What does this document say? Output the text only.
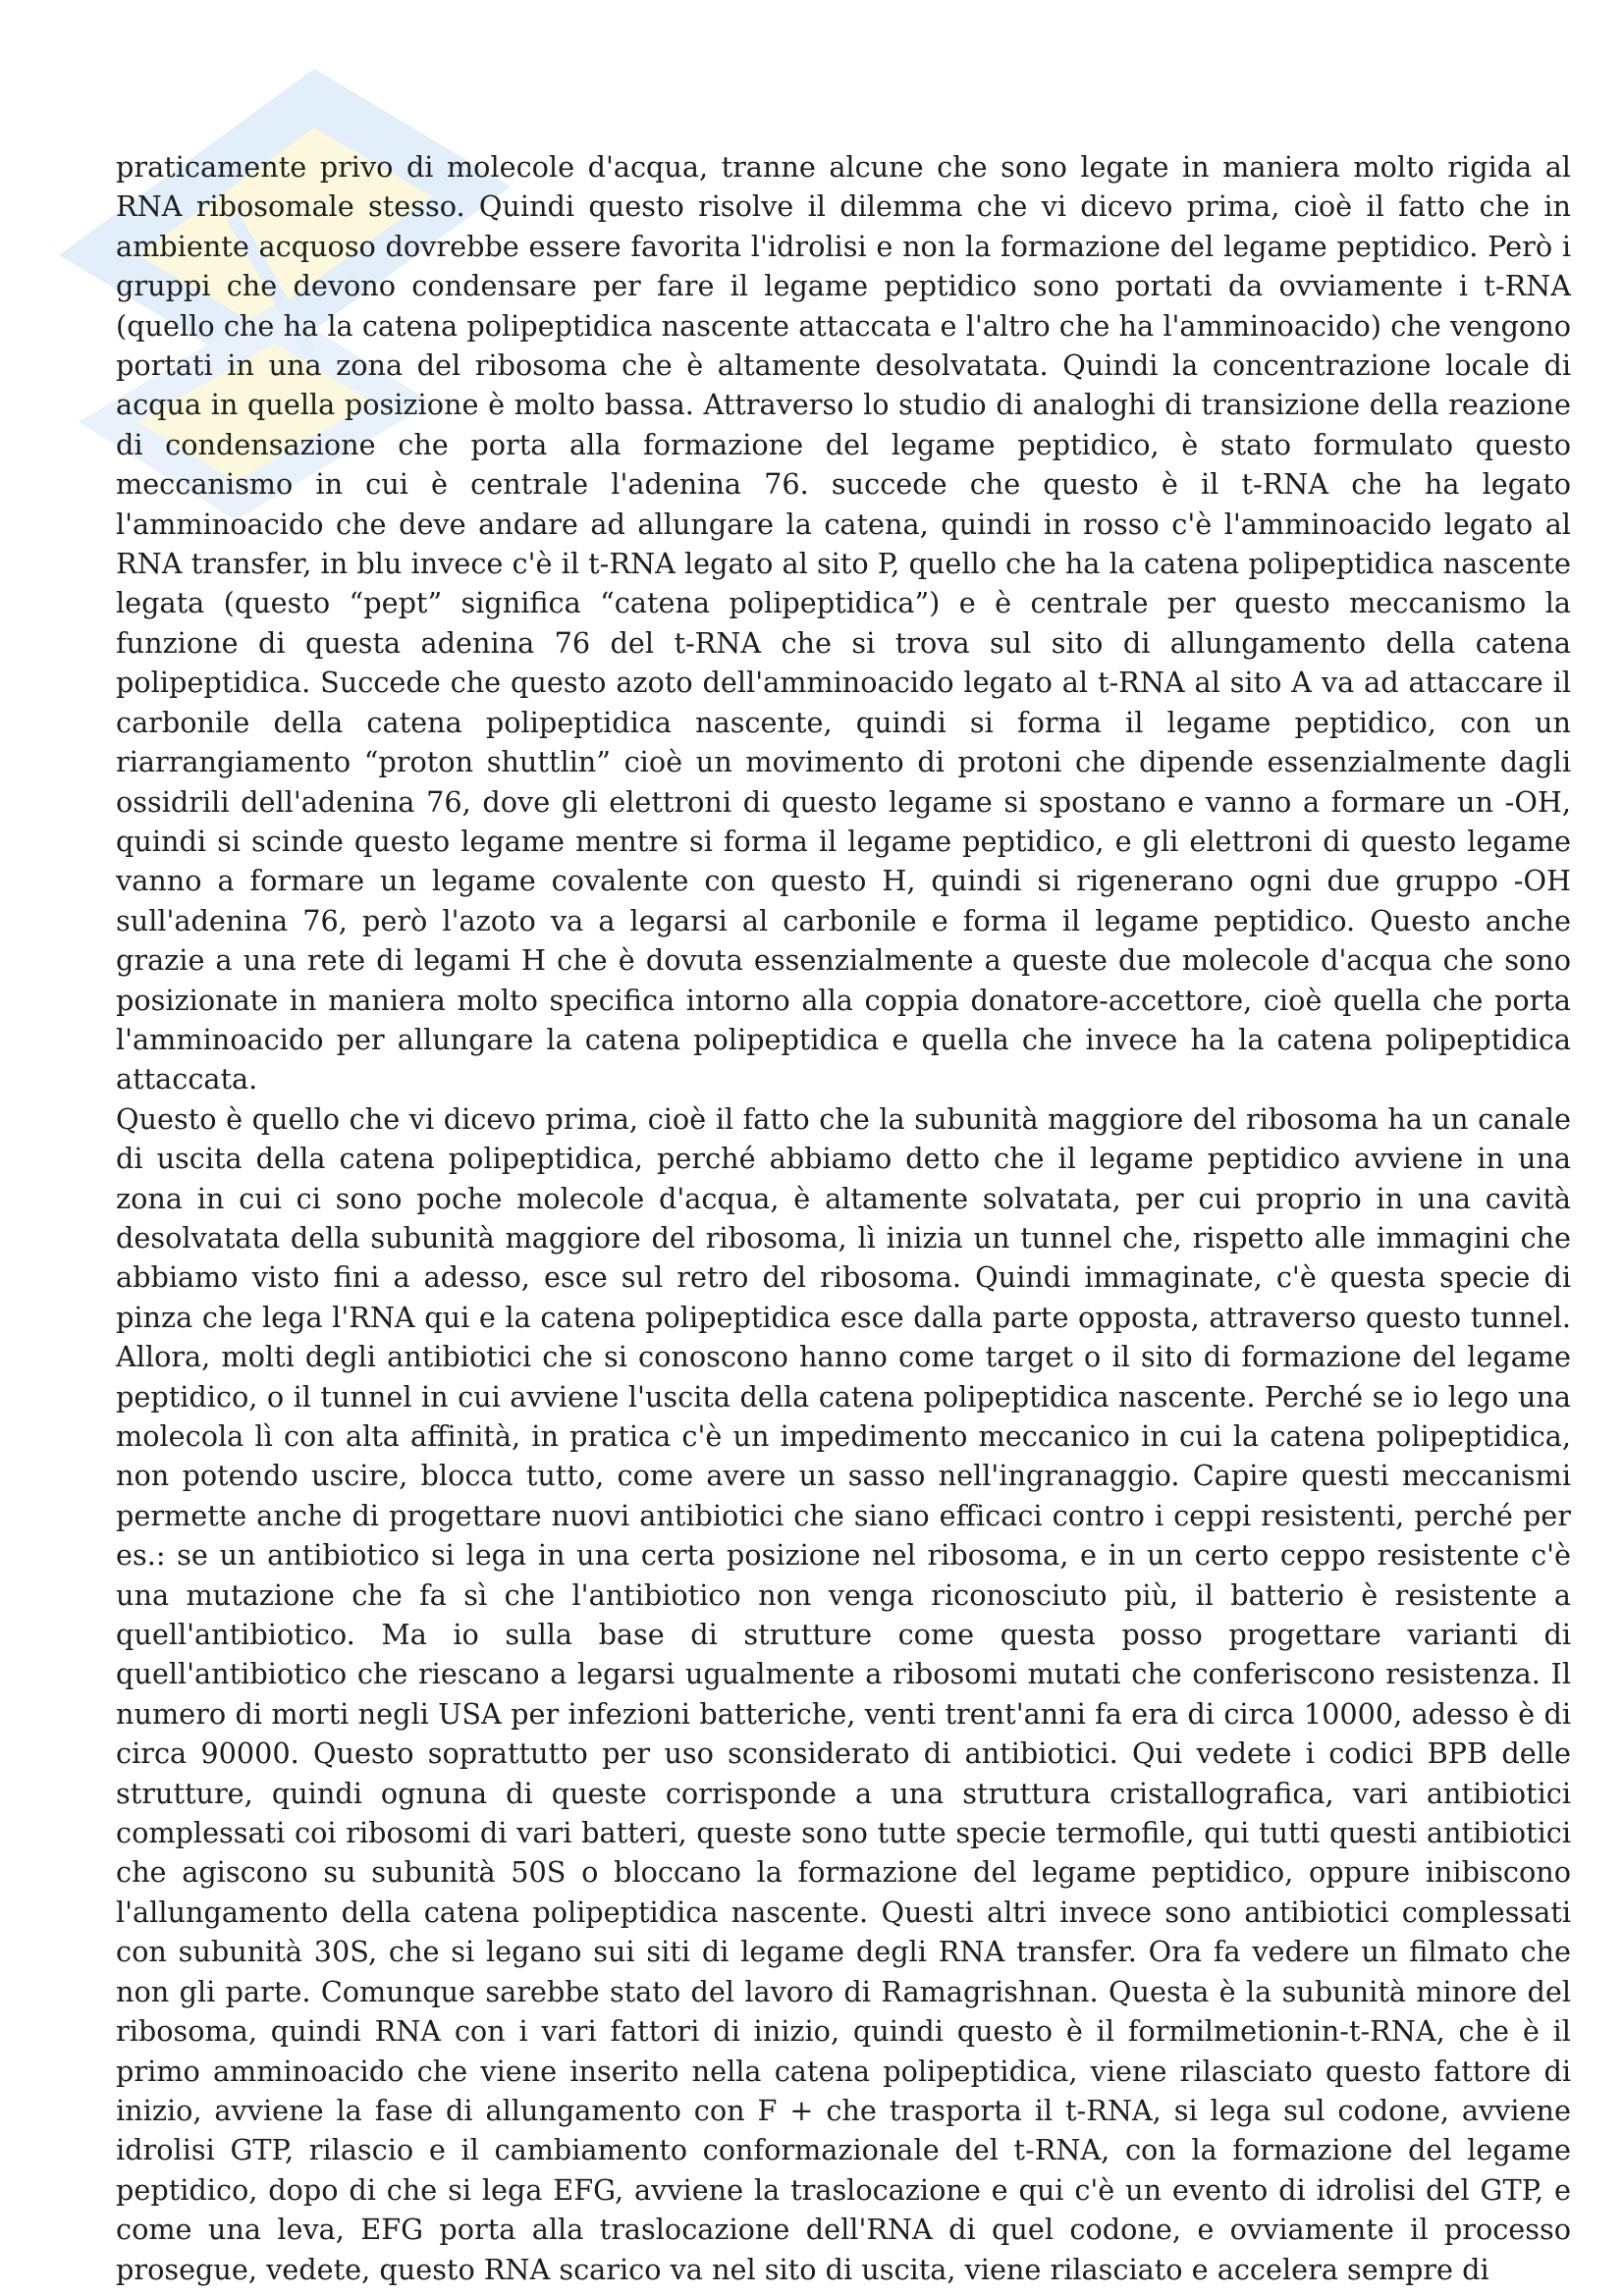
praticamente privo di molecole d'acqua, tranne alcune che sono legate in maniera molto rigida al RNA ribosomale stesso. Quindi questo risolve il dilemma che vi dicevo prima, cioè il fatto che in ambiente acquoso dovrebbe essere favorita l'idrolisi e non la formazione del legame peptidico. Però i gruppi che devono condensare per fare il legame peptidico sono portati da ovviamente i t-RNA (quello che ha la catena polipeptidica nascente attaccata e l'altro che ha l'amminoacido) che vengono portati in una zona del ribosoma che è altamente desolvatata. Quindi la concentrazione locale di acqua in quella posizione è molto bassa. Attraverso lo studio di analoghi di transizione della reazione di condensazione che porta alla formazione del legame peptidico, è stato formulato questo meccanismo in cui è centrale l'adenina 76. succede che questo è il t-RNA che ha legato l'amminoacido che deve andare ad allungare la catena, quindi in rosso c'è l'amminoacido legato al RNA transfer, in blu invece c'è il t-RNA legato al sito P, quello che ha la catena polipeptidica nascente legata (questo “pept” significa “catena polipeptidica”) e è centrale per questo meccanismo la funzione di questa adenina 76 del t-RNA che si trova sul sito di allungamento della catena polipeptidica. Succede che questo azoto dell'amminoacido legato al t-RNA al sito A va ad attaccare il carbonile della catena polipeptidica nascente, quindi si forma il legame peptidico, con un riarrangiamento “proton shuttlin” cioè un movimento di protoni che dipende essenzialmente dagli ossidrili dell'adenina 76, dove gli elettroni di questo legame si spostano e vanno a formare un -OH, quindi si scinde questo legame mentre si forma il legame peptidico, e gli elettroni di questo legame vanno a formare un legame covalente con questo H, quindi si rigenerano ogni due gruppo -OH sull'adenina 76, però l'azoto va a legarsi al carbonile e forma il legame peptidico. Questo anche grazie a una rete di legami H che è dovuta essenzialmente a queste due molecole d'acqua che sono posizionate in maniera molto specifica intorno alla coppia donatore-accettore, cioè quella che porta l'amminoacido per allungare la catena polipeptidica e quella che invece ha la catena polipeptidica attaccata.

Questo è quello che vi dicevo prima, cioè il fatto che la subunità maggiore del ribosoma ha un canale di uscita della catena polipeptidica, perché abbiamo detto che il legame peptidico avviene in una zona in cui ci sono poche molecole d'acqua, è altamente solvatata, per cui proprio in una cavità desolvatata della subunità maggiore del ribosoma, lì inizia un tunnel che, rispetto alle immagini che abbiamo visto fini a adesso, esce sul retro del ribosoma. Quindi immaginate, c'è questa specie di pinza che lega l'RNA qui e la catena polipeptidica esce dalla parte opposta, attraverso questo tunnel. Allora, molti degli antibiotici che si conoscono hanno come target o il sito di formazione del legame peptidico, o il tunnel in cui avviene l'uscita della catena polipeptidica nascente. Perché se io lego una molecola lì con alta affinità, in pratica c'è un impedimento meccanico in cui la catena polipeptidica, non potendo uscire, blocca tutto, come avere un sasso nell'ingranaggio. Capire questi meccanismi permette anche di progettare nuovi antibiotici che siano efficaci contro i ceppi resistenti, perché per es.: se un antibiotico si lega in una certa posizione nel ribosoma, e in un certo ceppo resistente c'è una mutazione che fa sì che l'antibiotico non venga riconosciuto più, il batterio è resistente a quell'antibiotico. Ma io sulla base di strutture come questa posso progettare varianti di quell'antibiotico che riescano a legarsi ugualmente a ribosomi mutati che conferiscono resistenza. Il numero di morti negli USA per infezioni batteriche, venti trent'anni fa era di circa 10000, adesso è di circa 90000. Questo soprattutto per uso sconsiderato di antibiotici. Qui vedete i codici BPB delle strutture, quindi ognuna di queste corrisponde a una struttura cristallografica, vari antibiotici complessati coi ribosomi di vari batteri, queste sono tutte specie termofile, qui tutti questi antibiotici che agiscono su subunità 50S o bloccano la formazione del legame peptidico, oppure inibiscono l'allungamento della catena polipeptidica nascente. Questi altri invece sono antibiotici complessati con subunità 30S, che si legano sui siti di legame degli RNA transfer. Ora fa vedere un filmato che non gli parte. Comunque sarebbe stato del lavoro di Ramagrishnan. Questa è la subunità minore del ribosoma, quindi RNA con i vari fattori di inizio, quindi questo è il formilmetionin-t-RNA, che è il primo amminoacido che viene inserito nella catena polipeptidica, viene rilasciato questo fattore di inizio, avviene la fase di allungamento con F + che trasporta il t-RNA, si lega sul codone, avviene idrolisi GTP, rilascio e il cambiamento conformazionale del t-RNA, con la formazione del legame peptidico, dopo di che si lega EFG, avviene la traslocazione e qui c'è un evento di idrolisi del GTP, e come una leva, EFG porta alla traslocazione dell'RNA di quel codone, e ovviamente il processo prosegue, vedete, questo RNA scarico va nel sito di uscita, viene rilasciato e accelera sempre di
